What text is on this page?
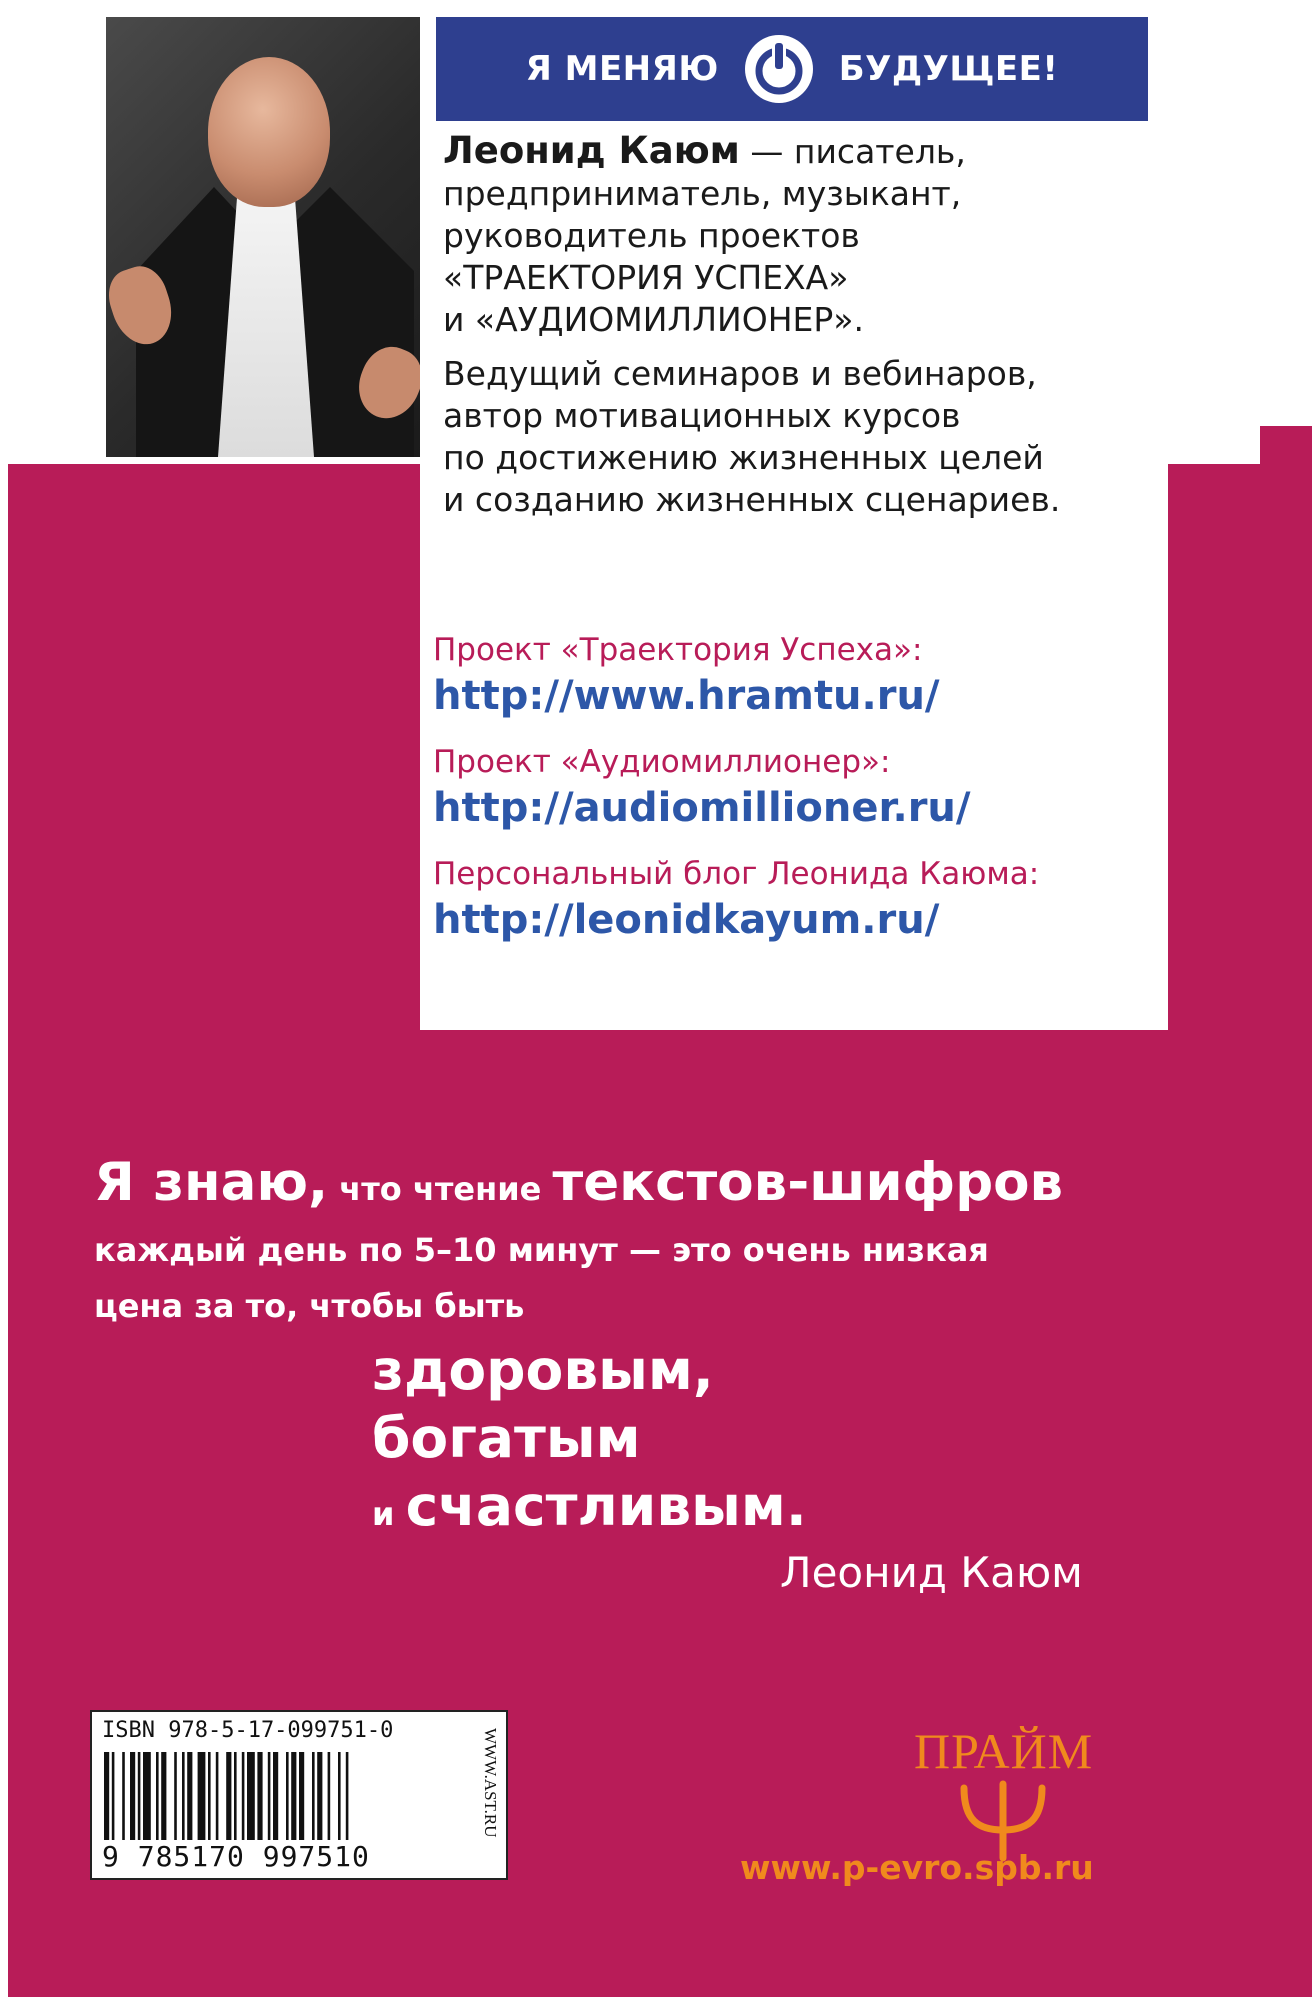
Я МЕНЯЮ	БУДУЩЕЕ!

Леонид Каюм — писатель,

предприниматель, музыкант,

руководитель проектов

«ТРАЕКТОРИЯ УСПЕХА»

и «АУДИОМИЛЛИОНЕР».

Ведущий семинаров и вебинаров,

автор мотивационных курсов

по достижению жизненных целей

и созданию жизненных сценариев.

Проект «Траектория Успеха»:
http://www.hramtu.ru/
Проект «Аудиомиллионер»:
http://audiomillioner.ru/
Персональный блог Леонида Каюма:
http://leonidkayum.ru/
Я знаю, что чтение текстов-шифров
каждый день по 5–10 минут — это очень низкая
цена за то, чтобы быть
здоровым,
богатым
и счастливым.
Леонид Каюм
ISBN 978-5-17-099751-0
9 785170 997510
WWW.AST.RU	ПРАЙМ
www.p-evro.spb.ru
